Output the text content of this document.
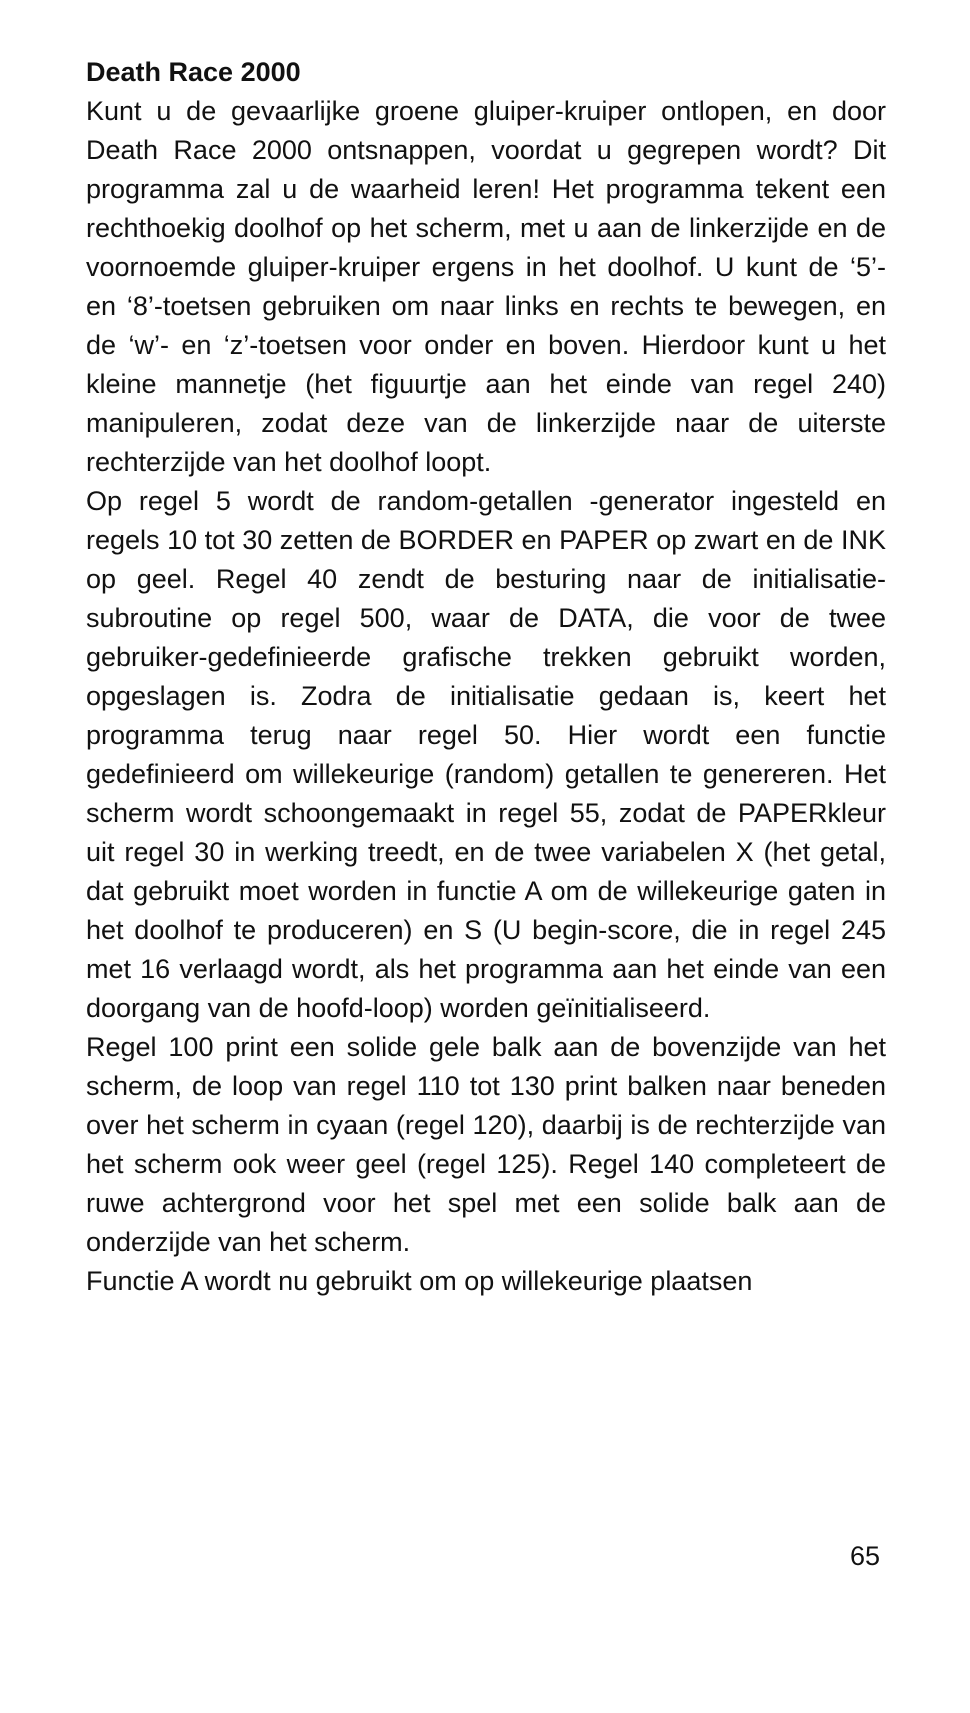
Death Race 2000

Kunt u de gevaarlijke groene gluiper-kruiper ontlopen, en door Death Race 2000 ontsnappen, voordat u gegrepen wordt? Dit programma zal u de waarheid leren! Het programma tekent een rechthoekig doolhof op het scherm, met u aan de linkerzijde en de voornoemde gluiper-kruiper ergens in het doolhof. U kunt de ‘5’- en ‘8’-toetsen gebruiken om naar links en rechts te bewegen, en de ‘w’- en ‘z’-toetsen voor onder en boven. Hierdoor kunt u het kleine mannetje (het figuurtje aan het einde van regel 240) manipuleren, zodat deze van de linkerzijde naar de uiterste rechterzijde van het doolhof loopt.

Op regel 5 wordt de random-getallen -generator ingesteld en regels 10 tot 30 zetten de BORDER en PAPER op zwart en de INK op geel. Regel 40 zendt de besturing naar de initialisatie-subroutine op regel 500, waar de DATA, die voor de twee gebruiker-gedefinieerde grafische trekken gebruikt worden, opgeslagen is. Zodra de initialisatie gedaan is, keert het programma terug naar regel 50. Hier wordt een functie gedefinieerd om willekeurige (random) getallen te genereren. Het scherm wordt schoongemaakt in regel 55, zodat de PAPERkleur uit regel 30 in werking treedt, en de twee variabelen X (het getal, dat gebruikt moet worden in functie A om de willekeurige gaten in het doolhof te produceren) en S (U begin-score, die in regel 245 met 16 verlaagd wordt, als het programma aan het einde van een doorgang van de hoofd-loop) worden geïnitialiseerd.

Regel 100 print een solide gele balk aan de bovenzijde van het scherm, de loop van regel 110 tot 130 print balken naar beneden over het scherm in cyaan (regel 120), daarbij is de rechterzijde van het scherm ook weer geel (regel 125). Regel 140 completeert de ruwe achtergrond voor het spel met een solide balk aan de onderzijde van het scherm.

Functie A wordt nu gebruikt om op willekeurige plaatsen

65
